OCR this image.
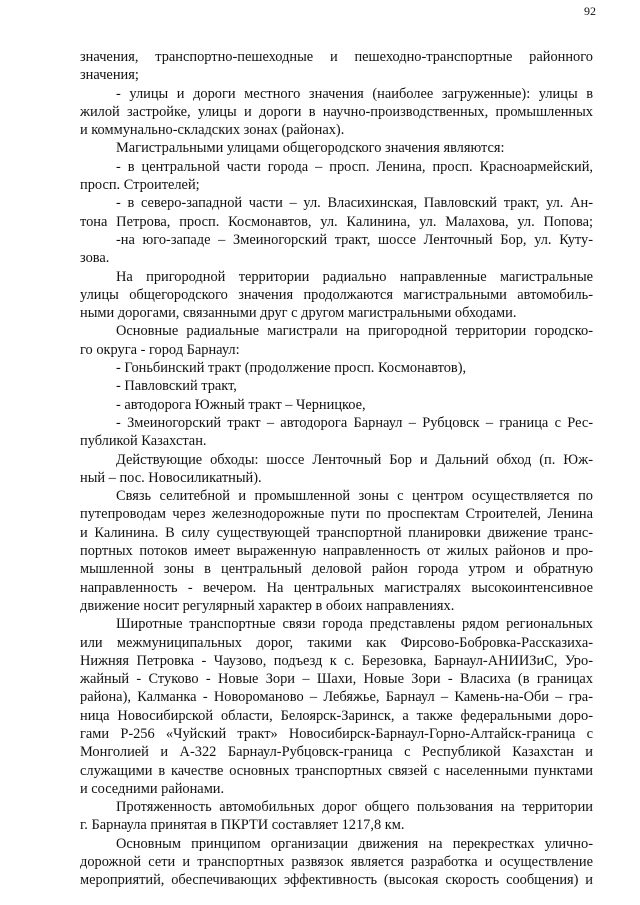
92
значения, транспортно-пешеходные и пешеходно-транспортные районного
значения;
- улицы и дороги местного значения (наиболее загруженные): улицы в
жилой застройке, улицы и дороги в научно-производственных, промышленных
и коммунально-складских зонах (районах).
Магистральными улицами общегородского значения являются:
- в центральной части города – просп. Ленина, просп. Красноармейский,
просп. Строителей;
- в северо-западной части – ул. Власихинская, Павловский тракт, ул. Ан-
тона Петрова, просп. Космонавтов, ул. Калинина, ул. Малахова, ул. Попова;
-на юго-западе – Змеиногорский тракт, шоссе Ленточный Бор, ул. Куту-
зова.
На пригородной территории радиально направленные магистральные
улицы общегородского значения продолжаются магистральными автомобиль-
ными дорогами, связанными друг с другом магистральными обходами.
Основные радиальные магистрали на пригородной территории городско-
го округа - город Барнаул:
- Гоньбинский тракт (продолжение просп. Космонавтов),
- Павловский тракт,
- автодорога Южный тракт – Черницкое,
- Змеиногорский тракт – автодорога Барнаул – Рубцовск – граница с Рес-
публикой Казахстан.
Действующие обходы: шоссе Ленточный Бор и Дальний обход (п. Юж-
ный – пос. Новосиликатный).
Связь селитебной и промышленной зоны с центром осуществляется по
путепроводам через железнодорожные пути по проспектам Строителей, Ленина
и Калинина. В силу существующей транспортной планировки движение транс-
портных потоков имеет выраженную направленность от жилых районов и про-
мышленной зоны в центральный деловой район города утром и обратную
направленность - вечером. На центральных магистралях высокоинтенсивное
движение носит регулярный характер в обоих направлениях.
Широтные транспортные связи города представлены рядом региональных
или межмуниципальных дорог, такими как Фирсово-Бобровка-Рассказиха-
Нижняя Петровка - Чаузово, подъезд к с. Березовка, Барнаул-АНИИЗиС, Уро-
жайный - Стуково - Новые Зори – Шахи, Новые Зори - Власиха (в границах
района), Калманка - Новороманово – Лебяжье, Барнаул – Камень-на-Оби – гра-
ница Новосибирской области, Белоярск-Заринск, а также федеральными доро-
гами Р-256 «Чуйский тракт» Новосибирск-Барнаул-Горно-Алтайск-граница с
Монголией и А-322 Барнаул-Рубцовск-граница с Республикой Казахстан и
служащими в качестве основных транспортных связей с населенными пунктами
и соседними районами.
Протяженность автомобильных дорог общего пользования на территории
г. Барнаула принятая в ПКРТИ составляет 1217,8 км.
Основным принципом организации движения на перекрестках улично-
дорожной сети и транспортных развязок является разработка и осуществление
мероприятий, обеспечивающих эффективность (высокая скорость сообщения) и
